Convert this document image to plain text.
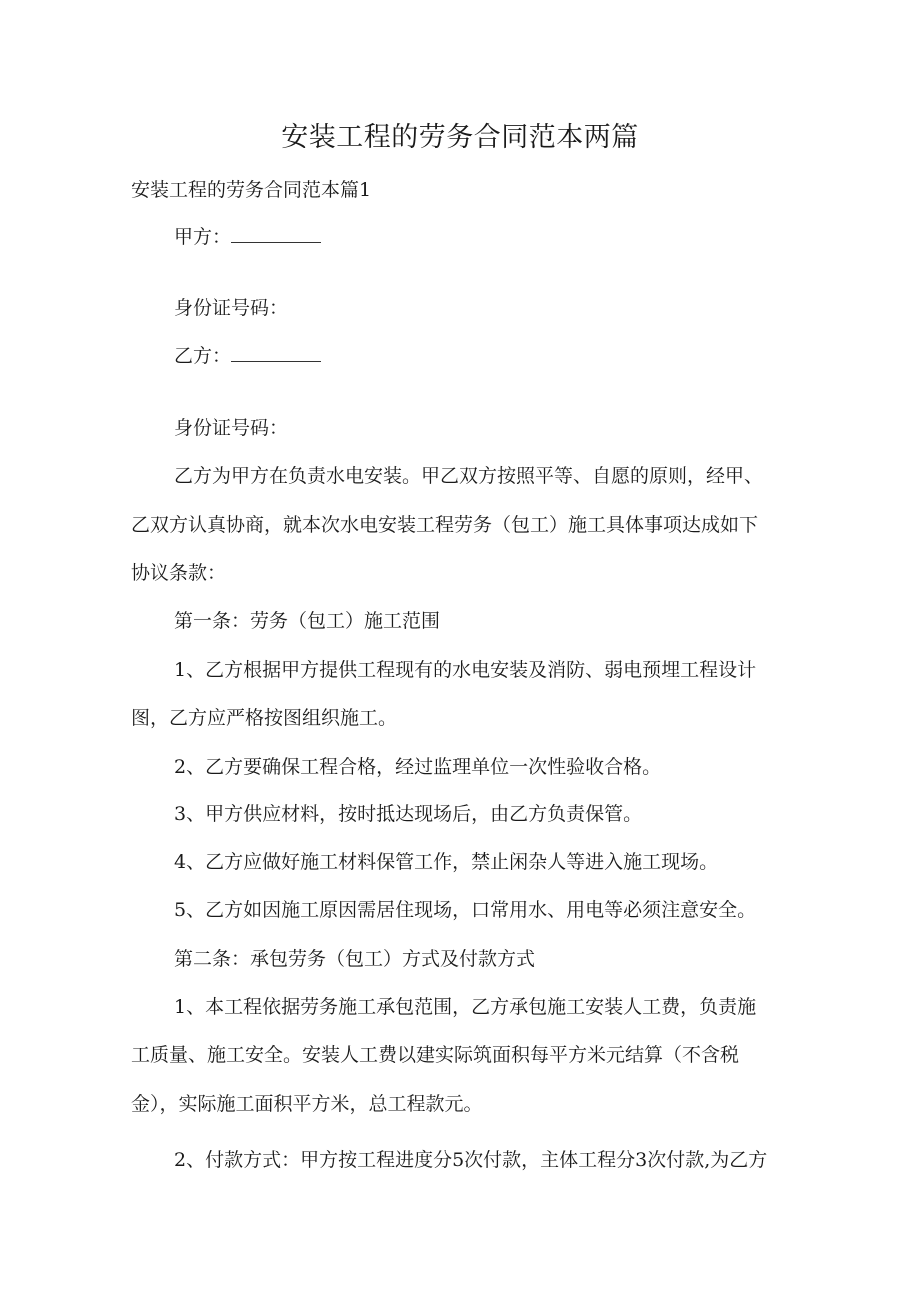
安装工程的劳务合同范本两篇
安装工程的劳务合同范本篇1
甲方：
身份证号码：
乙方：
身份证号码：
乙方为甲方在负责水电安装。甲乙双方按照平等、自愿的原则，经甲、
乙双方认真协商，就本次水电安装工程劳务（包工）施工具体事项达成如下
协议条款：
第一条：劳务（包工）施工范围
1、乙方根据甲方提供工程现有的水电安装及消防、弱电预埋工程设计
图，乙方应严格按图组织施工。
2、乙方要确保工程合格，经过监理单位一次性验收合格。
3、甲方供应材料，按时抵达现场后，由乙方负责保管。
4、乙方应做好施工材料保管工作，禁止闲杂人等进入施工现场。
5、乙方如因施工原因需居住现场，口常用水、用电等必须注意安全。
第二条：承包劳务（包工）方式及付款方式
1、本工程依据劳务施工承包范围，乙方承包施工安装人工费，负责施
工质量、施工安全。安装人工费以建实际筑面积每平方米元结算（不含税
金），实际施工面积平方米，总工程款元。
2、付款方式：甲方按工程进度分5次付款，主体工程分3次付款,为乙方
